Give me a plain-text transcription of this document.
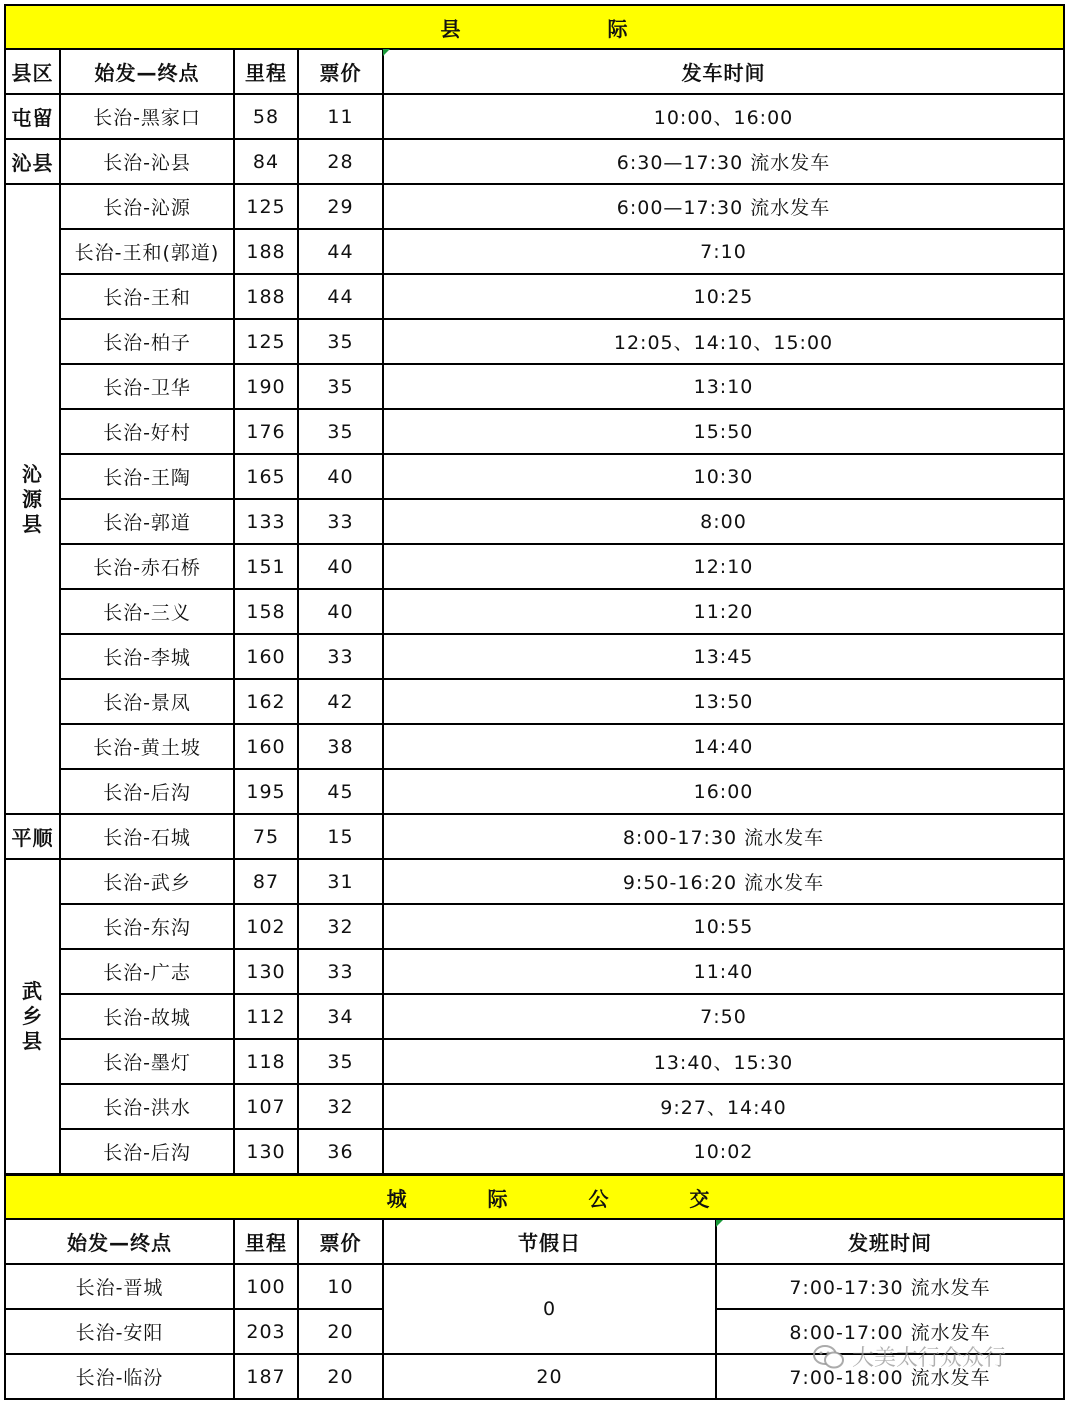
县 际				
县区	始发—终点	里程	票价	发车时间
屯留	长治-黑家口	58	11	10:00、16:00
沁县	长治-沁县	84	28	6:30—17:30 流水发车

沁
源
县	长治-沁源	125	29	6:00—17:30 流水发车
	长治-王和(郭道)	188	44	7:10
	长治-王和	188	44	10:25
	长治-柏子	125	35	12:05、14:10、15:00
	长治-卫华	190	35	13:10
	长治-好村	176	35	15:50
	长治-王陶	165	40	10:30
	长治-郭道	133	33	8:00
	长治-赤石桥	151	40	12:10
	长治-三义	158	40	11:20
	长治-李城	160	33	13:45
	长治-景凤	162	42	13:50
	长治-黄土坡	160	38	14:40
	长治-后沟	195	45	16:00
平顺	长治-石城	75	15	8:00-17:30 流水发车

武
乡
县	长治-武乡	87	31	9:50-16:20 流水发车
	长治-东沟	102	32	10:55
	长治-广志	130	33	11:40
	长治-故城	112	34	7:50
	长治-墨灯	118	35	13:40、15:30
	长治-洪水	107	32	9:27、14:40
	长治-后沟	130	36	10:02
城 际 公 交				
始发—终点	里程	票价	节假日	发班时间
长治-晋城	100	10	0	7:00-17:30 流水发车
长治-安阳	203	20		8:00-17:00 流水发车
长治-临汾	187	20	20	7:00-18:00 流水发车
大美太行众众行
